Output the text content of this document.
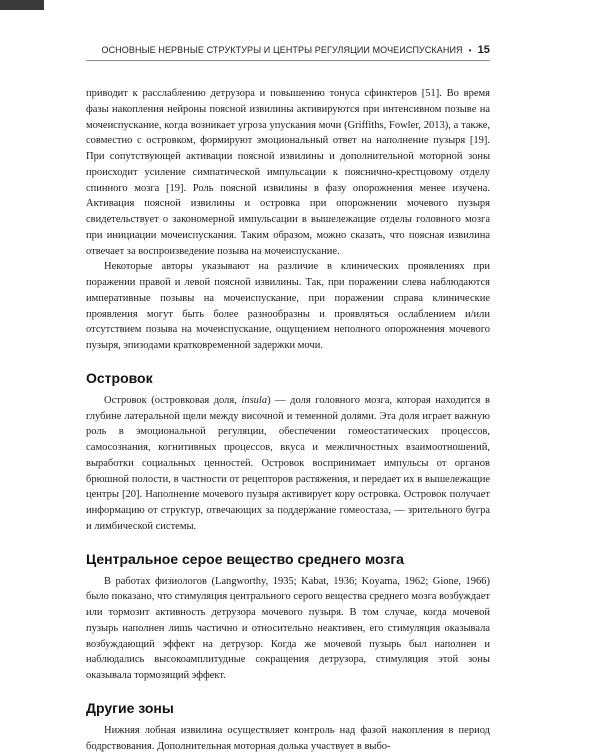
ОСНОВНЫЕ НЕРВНЫЕ СТРУКТУРЫ И ЦЕНТРЫ РЕГУЛЯЦИИ МОЧЕИСПУСКАНИЯ • 15

приводит к расслаблению детрузора и повышению тонуса сфинктеров [51]. Во время фазы накопления нейроны поясной извилины активируются при интенсивном позыве на мочеиспускание, когда возникает угроза упускания мочи (Griffiths, Fowler, 2013), а также, совместно с островком, формируют эмоциональный ответ на наполнение пузыря [19]. При сопутствующей активации поясной извилины и дополнительной моторной зоны происходит усиление симпатической импульсации к пояснично-крестцовому отделу спинного мозга [19]. Роль поясной извилины в фазу опорожнения менее изучена. Активация поясной извилины и островка при опорожнении мочевого пузыря свидетельствует о закономерной импульсации в вышележащие отделы головного мозга при инициации мочеиспускания. Таким образом, можно сказать, что поясная извилина отвечает за воспроизведение позыва на мочеиспускание.

Некоторые авторы указывают на различие в клинических проявлениях при поражении правой и левой поясной извилины. Так, при поражении слева наблюдаются императивные позывы на мочеиспускание, при поражении справа клинические проявления могут быть более разнообразны и проявляться ослаблением и/или отсутствием позыва на мочеиспускание, ощущением неполного опорожнения мочевого пузыря, эпизодами кратковременной задержки мочи.

Островок

Островок (островковая доля, insula) — доля головного мозга, которая находится в глубине латеральной щели между височной и теменной долями. Эта доля играет важную роль в эмоциональной регуляции, обеспечении гомеостатических процессов, самосознания, когнитивных процессов, вкуса и межличностных взаимоотношений, выработки социальных ценностей. Островок воспринимает импульсы от органов брюшной полости, в частности от рецепторов растяжения, и передает их в вышележащие центры [20]. Наполнение мочевого пузыря активирует кору островка. Островок получает информацию от структур, отвечающих за поддержание гомеостаза, — зрительного бугра и лимбической системы.

Центральное серое вещество среднего мозга

В работах физиологов (Langworthy, 1935; Kabat, 1936; Koyama, 1962; Gione, 1966) было показано, что стимуляция центрального серого вещества среднего мозга возбуждает или тормозит активность детрузора мочевого пузыря. В том случае, когда мочевой пузырь наполнен лишь частично и относительно неактивен, его стимуляция оказывала возбуждающий эффект на детрузор. Когда же мочевой пузырь был наполнен и наблюдались высокоамплитудные сокращения детрузора, стимуляция этой зоны оказывала тормозящий эффект.

Другие зоны

Нижняя лобная извилина осуществляет контроль над фазой накопления в период бодрствования. Дополнительная моторная долька участвует в выбо-
